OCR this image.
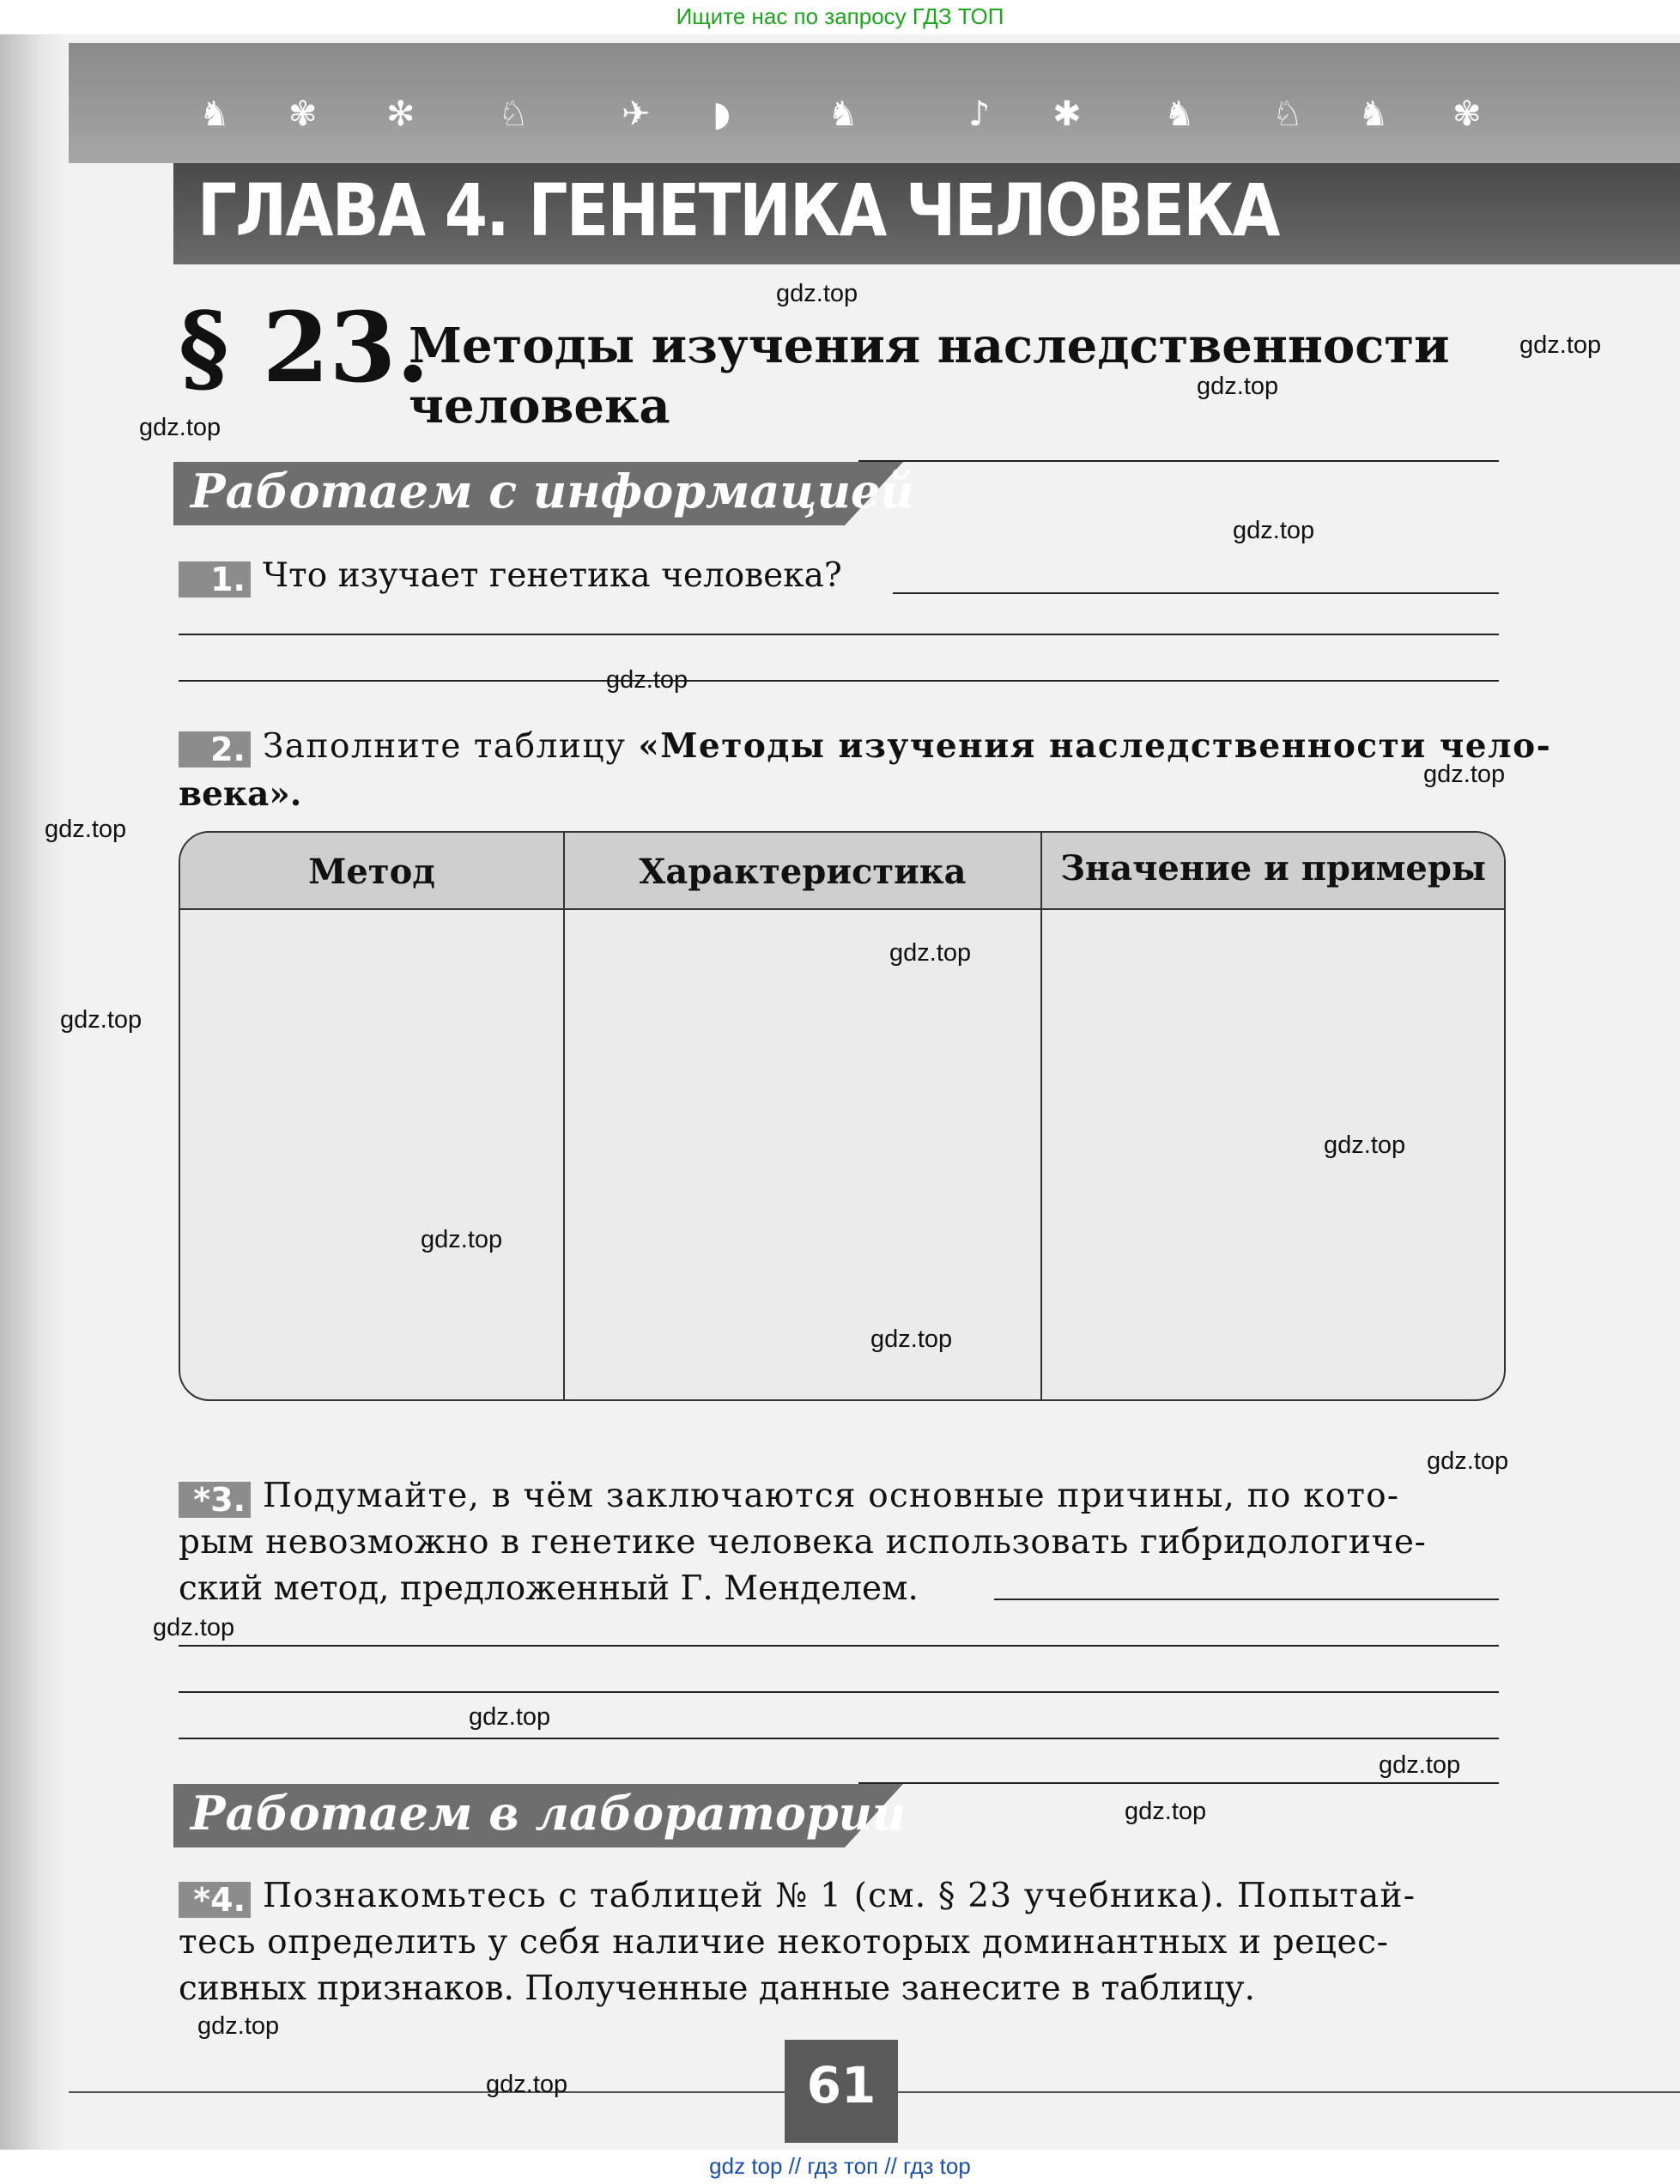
Ищите нас по запросу ГДЗ ТОП
♞ ✾ ✻ ♘	✈ ◗	♞	♪ ✱ ♞ ♘ ♞ ✾
ГЛАВА 4. ГЕНЕТИКА ЧЕЛОВЕКА
§ 23.
Методы изучения наследственности
человека
Работаем с информацией
1. Что изучает генетика человека?
2. Заполните таблицу «Методы изучения наследственности чело-
века».
Метод	Характеристика	Значение и примеры
*3. Подумайте, в чём заключаются основные причины, по кото-
рым невозможно в генетике человека использовать гибридологиче-
ский метод, предложенный Г. Менделем.
Работаем в лаборатории
*4. Познакомьтесь с таблицей № 1 (см. § 23 учебника). Попытай-
тесь определить у себя наличие некоторых доминантных и рецес-
сивных признаков. Полученные данные занесите в таблицу.
61
gdz.top
gdz.top
gdz.top
gdz.top
gdz.top
gdz.top
gdz.top
gdz.top
gdz.top
gdz.top
gdz.top
gdz.top
gdz.top
gdz.top
gdz.top
gdz.top
gdz.top
gdz.top
gdz.top
gdz.top
gdz top // гдз топ // гдз top
